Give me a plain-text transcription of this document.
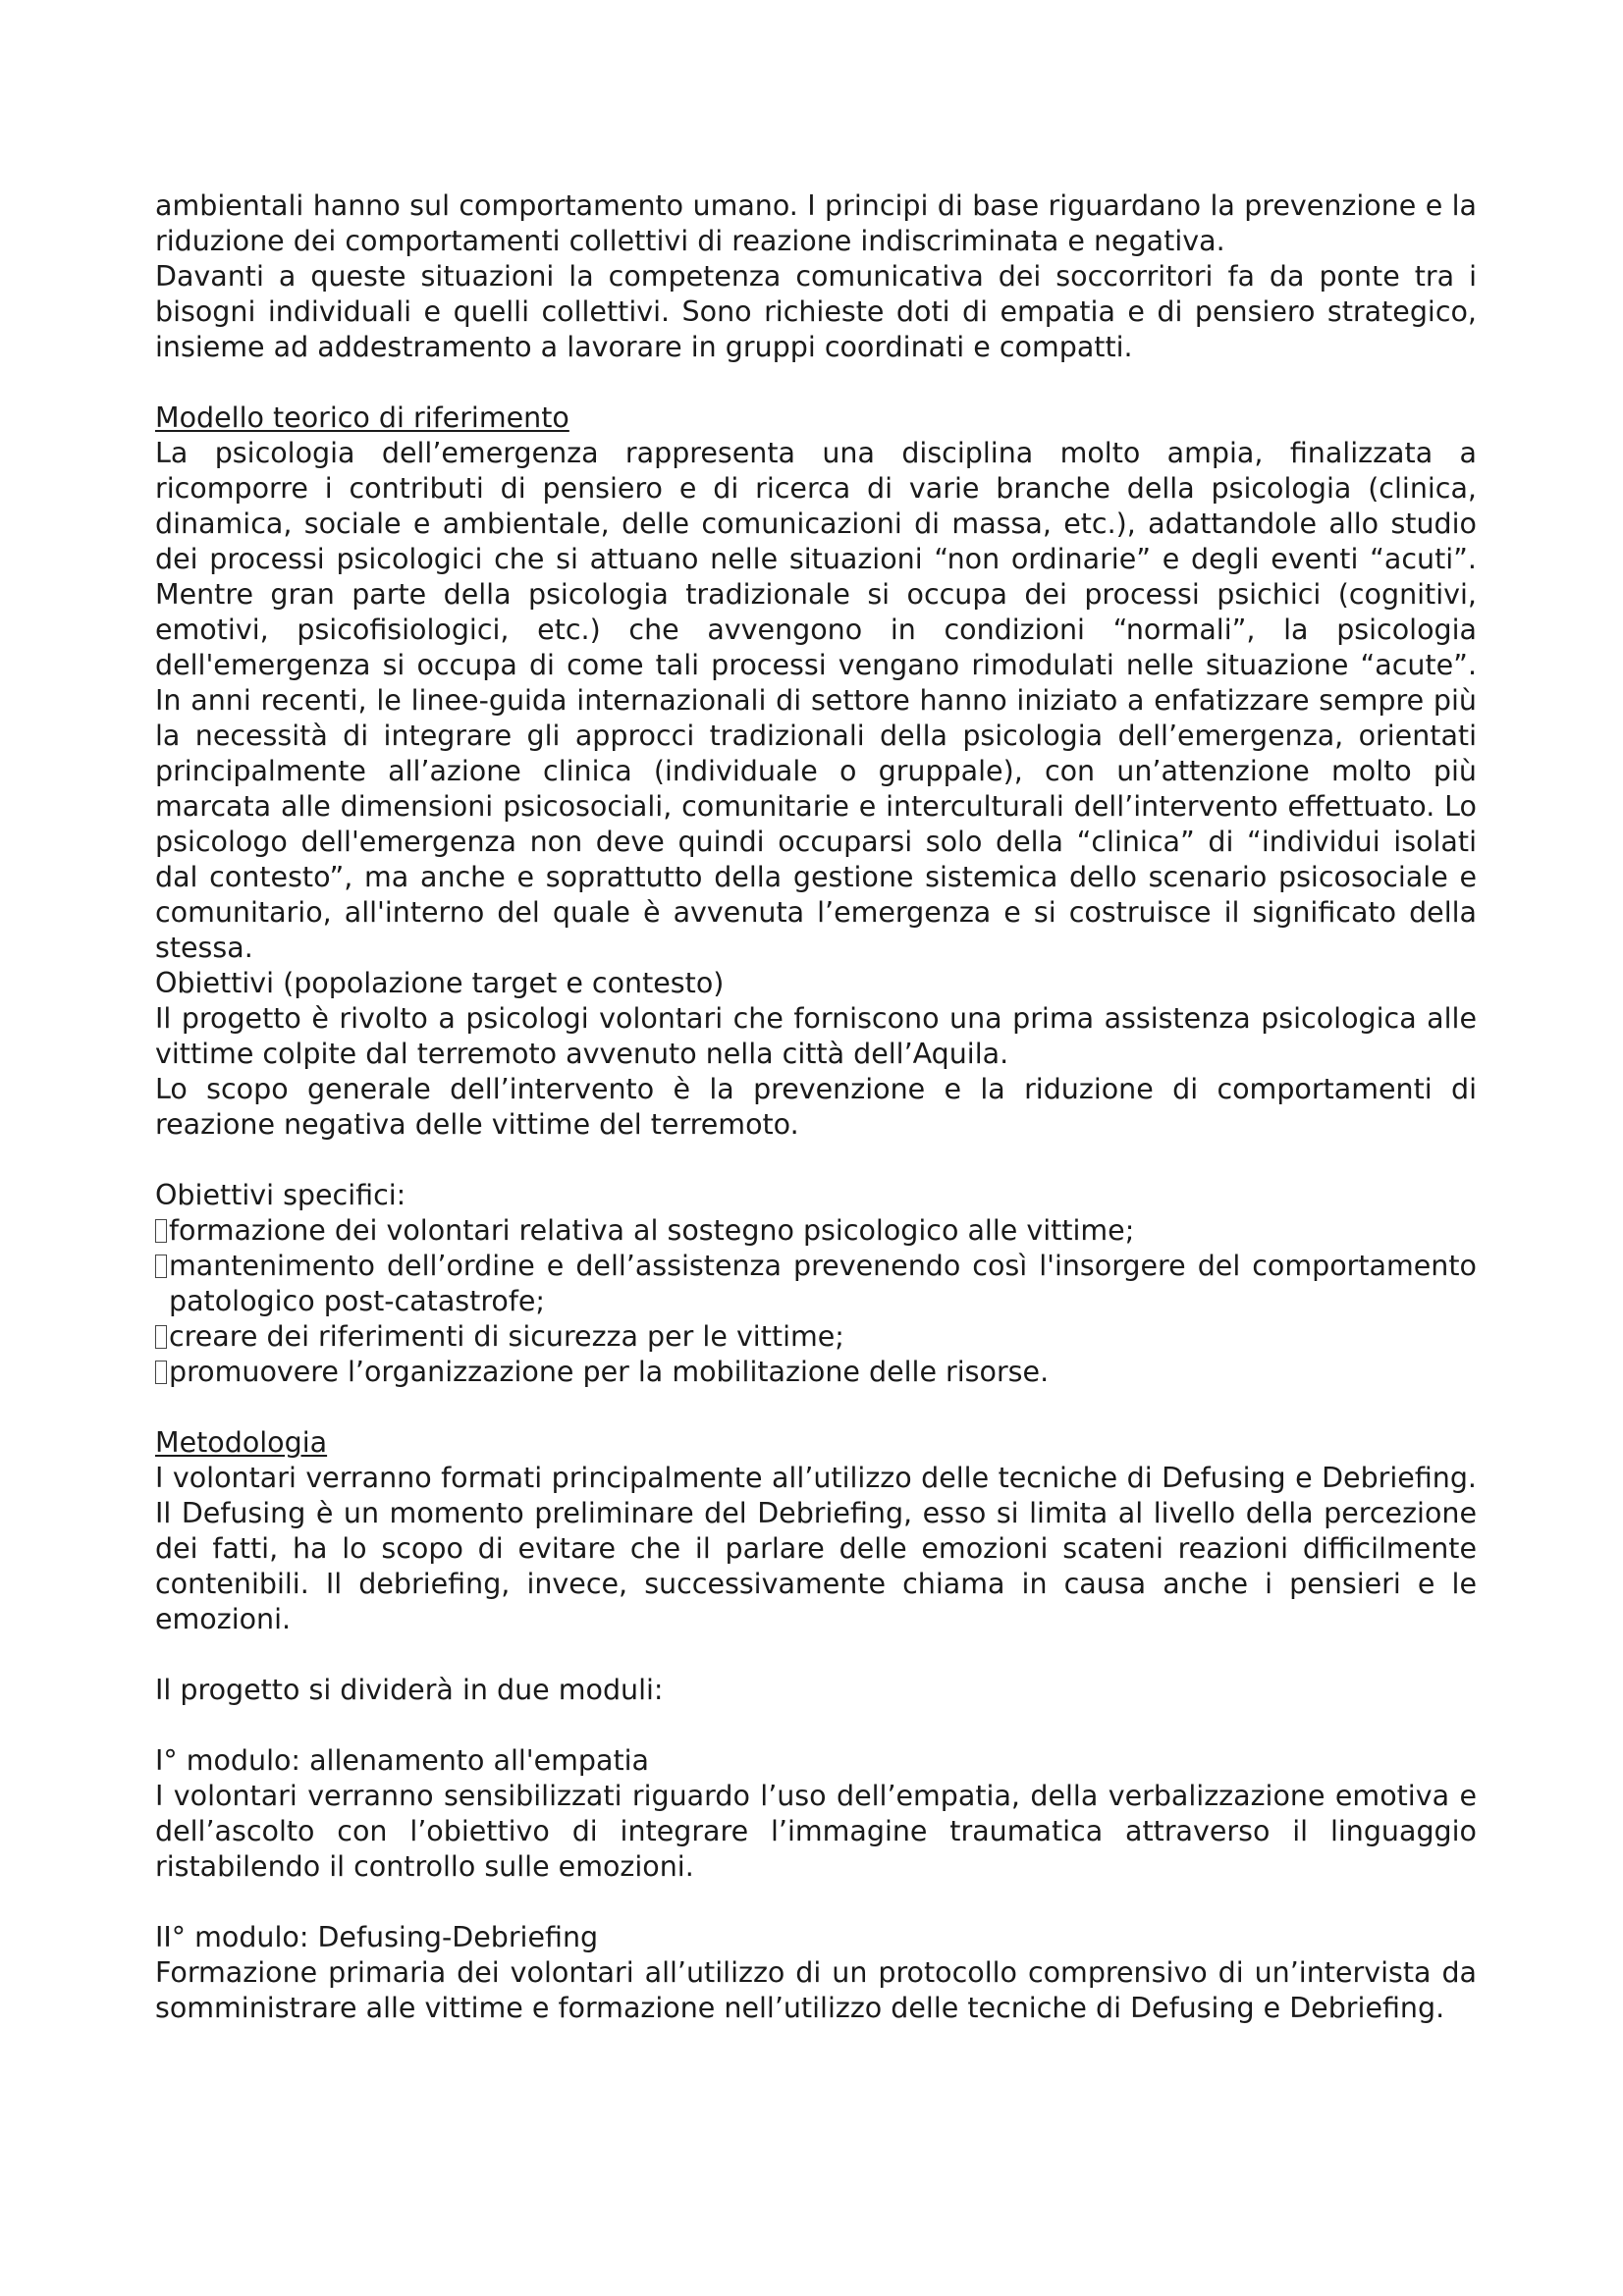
ambientali hanno sul comportamento umano. I principi di base riguardano la prevenzione e la riduzione dei comportamenti collettivi di reazione indiscriminata e negativa.

Davanti a queste situazioni la competenza comunicativa dei soccorritori fa da ponte tra i bisogni individuali e quelli collettivi. Sono richieste doti di empatia e di pensiero strategico, insieme ad addestramento a lavorare in gruppi coordinati e compatti.

Modello teorico di riferimento

La psicologia dell’emergenza rappresenta una disciplina molto ampia, finalizzata a ricomporre i contributi di pensiero e di ricerca di varie branche della psicologia (clinica, dinamica, sociale e ambientale, delle comunicazioni di massa, etc.), adattandole allo studio dei processi psicologici che si attuano nelle situazioni “non ordinarie” e degli eventi “acuti”. Mentre gran parte della psicologia tradizionale si occupa dei processi psichici (cognitivi, emotivi, psicofisiologici, etc.) che avvengono in condizioni “normali”, la psicologia dell'emergenza si occupa di come tali processi vengano rimodulati nelle situazione “acute”. In anni recenti, le linee-guida internazionali di settore hanno iniziato a enfatizzare sempre più la necessità di integrare gli approcci tradizionali della psicologia dell’emergenza, orientati principalmente all’azione clinica (individuale o gruppale), con un’attenzione molto più marcata alle dimensioni psicosociali, comunitarie e interculturali dell’intervento effettuato. Lo psicologo dell'emergenza non deve quindi occuparsi solo della “clinica” di “individui isolati dal contesto”, ma anche e soprattutto della gestione sistemica dello scenario psicosociale e comunitario, all'interno del quale è avvenuta l’emergenza e si costruisce il significato della stessa.

Obiettivi (popolazione target e contesto)

Il progetto è rivolto a psicologi volontari che forniscono una prima assistenza psicologica alle vittime colpite dal terremoto avvenuto nella città dell’Aquila.

Lo scopo generale dell’intervento è la prevenzione e la riduzione di comportamenti di reazione negativa delle vittime del terremoto.

Obiettivi specifici:

formazione dei volontari relativa al sostegno psicologico alle vittime;
mantenimento dell’ordine e dell’assistenza prevenendo così l'insorgere del comportamento patologico post-catastrofe;
creare dei riferimenti di sicurezza per le vittime;
promuovere l’organizzazione per la mobilitazione delle risorse.

Metodologia

I volontari verranno formati principalmente all’utilizzo delle tecniche di Defusing e Debriefing. Il Defusing è un momento preliminare del Debriefing, esso si limita al livello della percezione dei fatti, ha lo scopo di evitare che il parlare delle emozioni scateni reazioni difficilmente contenibili. Il debriefing, invece, successivamente chiama in causa anche i pensieri e le emozioni.

Il progetto si dividerà in due moduli:

I° modulo: allenamento all'empatia

I volontari verranno sensibilizzati riguardo l’uso dell’empatia, della verbalizzazione emotiva e dell’ascolto con l’obiettivo di integrare l’immagine traumatica attraverso il linguaggio ristabilendo il controllo sulle emozioni.

II° modulo: Defusing-Debriefing

Formazione primaria dei volontari all’utilizzo di un protocollo comprensivo di un’intervista da somministrare alle vittime e formazione nell’utilizzo delle tecniche di Defusing e Debriefing.
